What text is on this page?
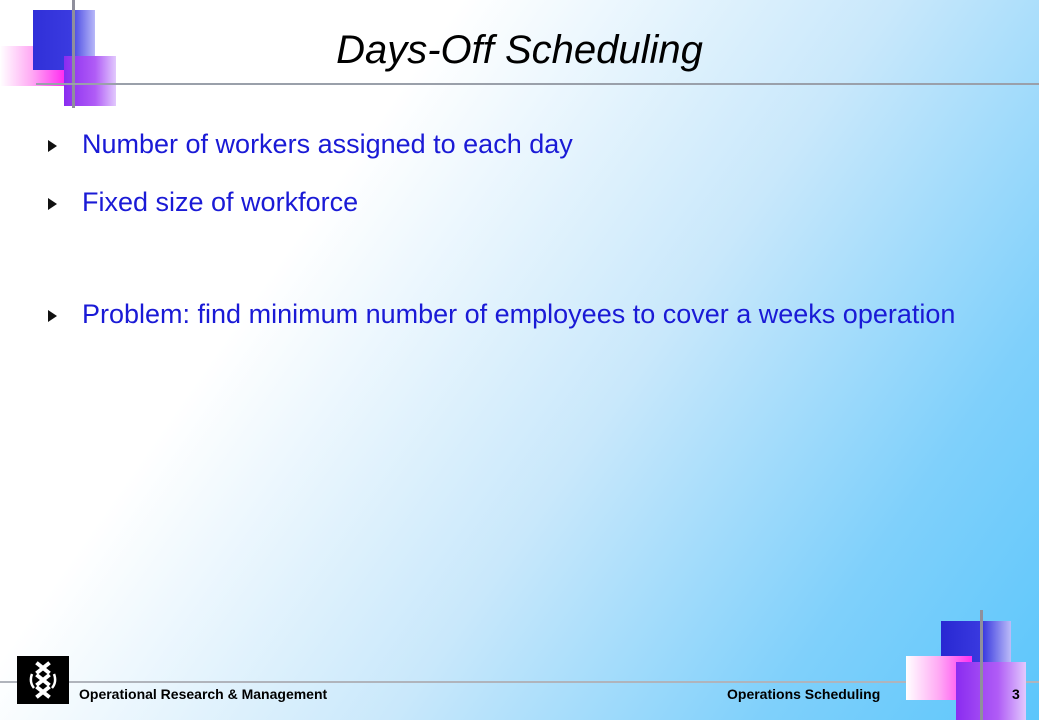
Days-Off Scheduling
Number of workers assigned to each day
Fixed size of workforce
Problem: find minimum number of employees to cover a weeks operation
Operational Research & Management	Operations Scheduling	3
